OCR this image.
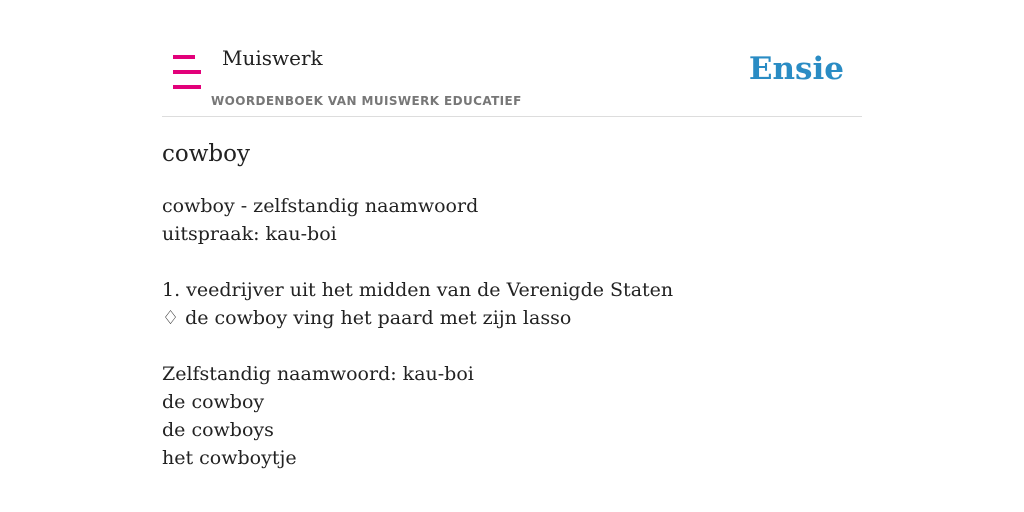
Muiswerk
WOORDENBOEK VAN MUISWERK EDUCATIEF
Ensie
cowboy
cowboy - zelfstandig naamwoord
uitspraak: kau-boi
1. veedrijver uit het midden van de Verenigde Staten
♢ de cowboy ving het paard met zijn lasso
Zelfstandig naamwoord: kau-boi
de cowboy
de cowboys
het cowboytje
